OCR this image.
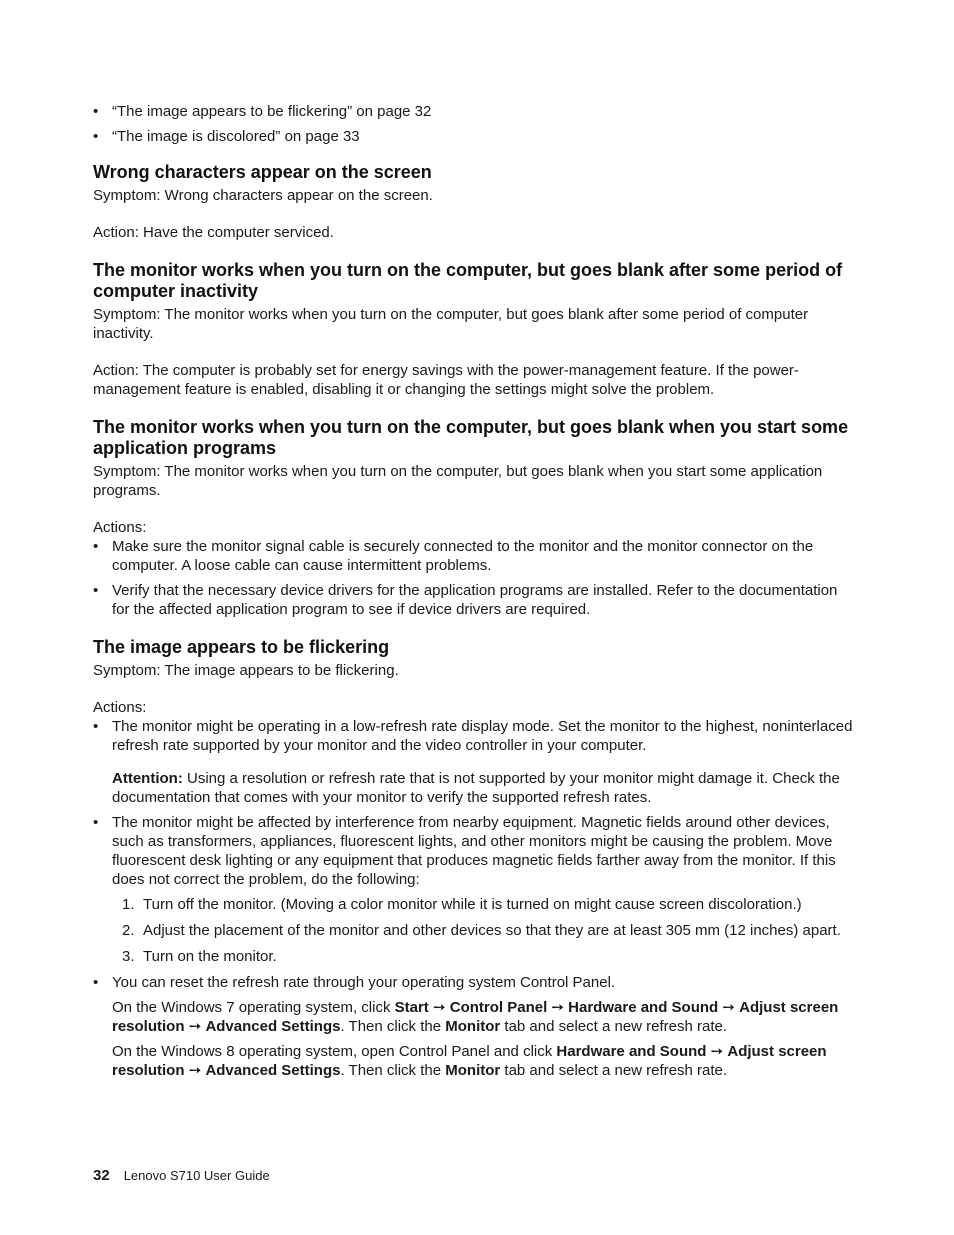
• “The image appears to be flickering” on page 32
• “The image is discolored” on page 33
Wrong characters appear on the screen

Symptom: Wrong characters appear on the screen.

Action: Have the computer serviced.

The monitor works when you turn on the computer, but goes blank after some period of computer inactivity

Symptom: The monitor works when you turn on the computer, but goes blank after some period of computer inactivity.

Action: The computer is probably set for energy savings with the power-management feature. If the power-management feature is enabled, disabling it or changing the settings might solve the problem.

The monitor works when you turn on the computer, but goes blank when you start some application programs

Symptom: The monitor works when you turn on the computer, but goes blank when you start some application programs.

Actions:

• Make sure the monitor signal cable is securely connected to the monitor and the monitor connector on the computer. A loose cable can cause intermittent problems.
• Verify that the necessary device drivers for the application programs are installed. Refer to the documentation for the affected application program to see if device drivers are required.
The image appears to be flickering

Symptom: The image appears to be flickering.

Actions:

• The monitor might be operating in a low-refresh rate display mode. Set the monitor to the highest, noninterlaced refresh rate supported by your monitor and the video controller in your computer.

Attention: Using a resolution or refresh rate that is not supported by your monitor might damage it. Check the documentation that comes with your monitor to verify the supported refresh rates.

• The monitor might be affected by interference from nearby equipment. Magnetic fields around other devices, such as transformers, appliances, fluorescent lights, and other monitors might be causing the problem. Move fluorescent desk lighting or any equipment that produces magnetic fields farther away from the monitor. If this does not correct the problem, do the following:
1. Turn off the monitor. (Moving a color monitor while it is turned on might cause screen discoloration.)
2. Adjust the placement of the monitor and other devices so that they are at least 305 mm (12 inches) apart.
3. Turn on the monitor.
• You can reset the refresh rate through your operating system Control Panel.

On the Windows 7 operating system, click Start ➙ Control Panel ➙ Hardware and Sound ➙ Adjust screen resolution ➙ Advanced Settings. Then click the Monitor tab and select a new refresh rate.

On the Windows 8 operating system, open Control Panel and click Hardware and Sound ➙ Adjust screen resolution ➙ Advanced Settings. Then click the Monitor tab and select a new refresh rate.

32 Lenovo S710 User Guide
